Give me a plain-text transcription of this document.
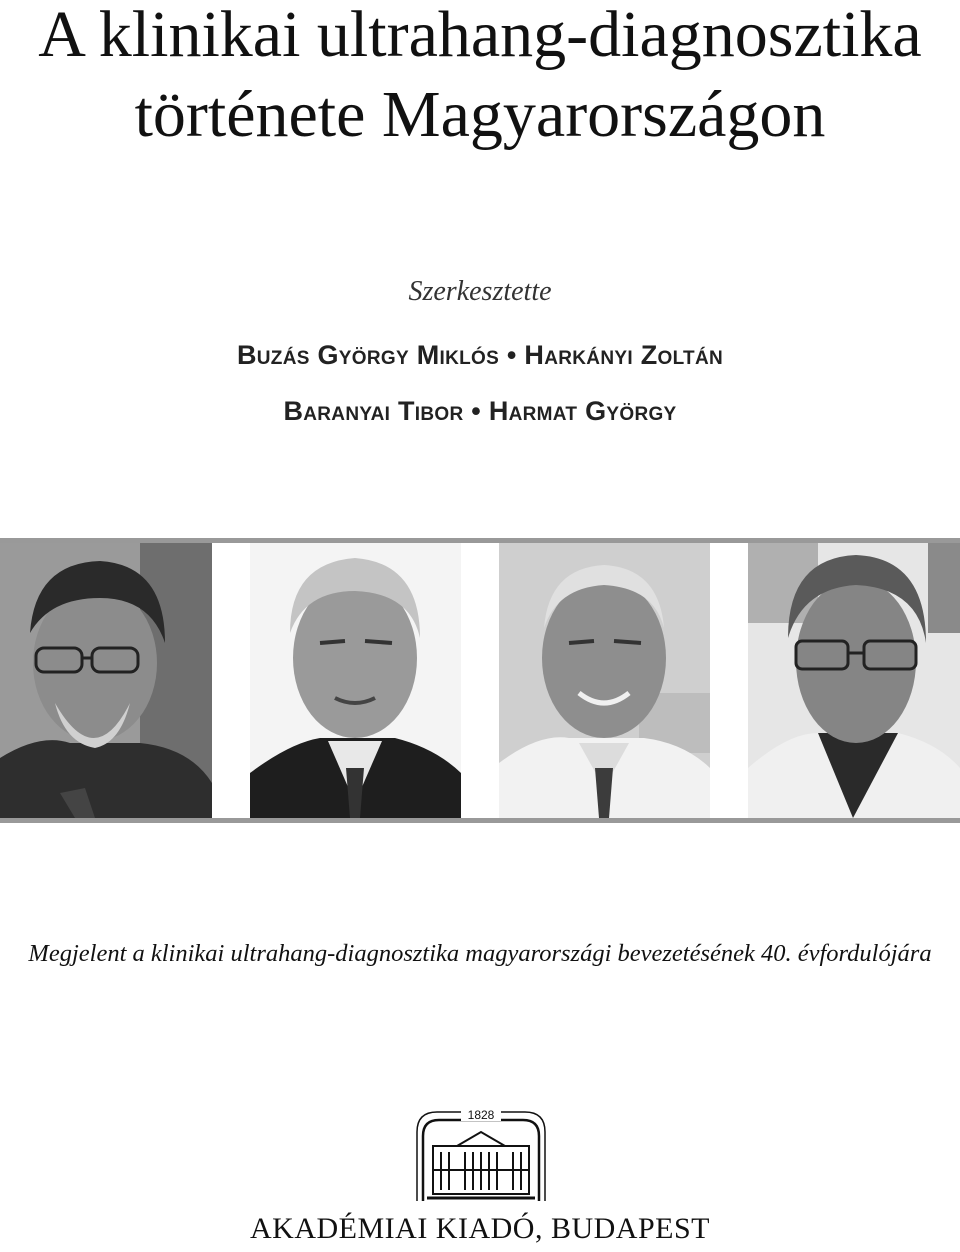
A klinikai ultrahang-diagnosztika
története Magyarországon
Szerkesztette
Buzás György Miklós • Harkányi Zoltán
Baranyai Tibor • Harmat György
Megjelent a klinikai ultrahang-diagnosztika magyarországi bevezetésének 40. évfordulójára
1828
AKADÉMIAI KIADÓ, BUDAPEST
